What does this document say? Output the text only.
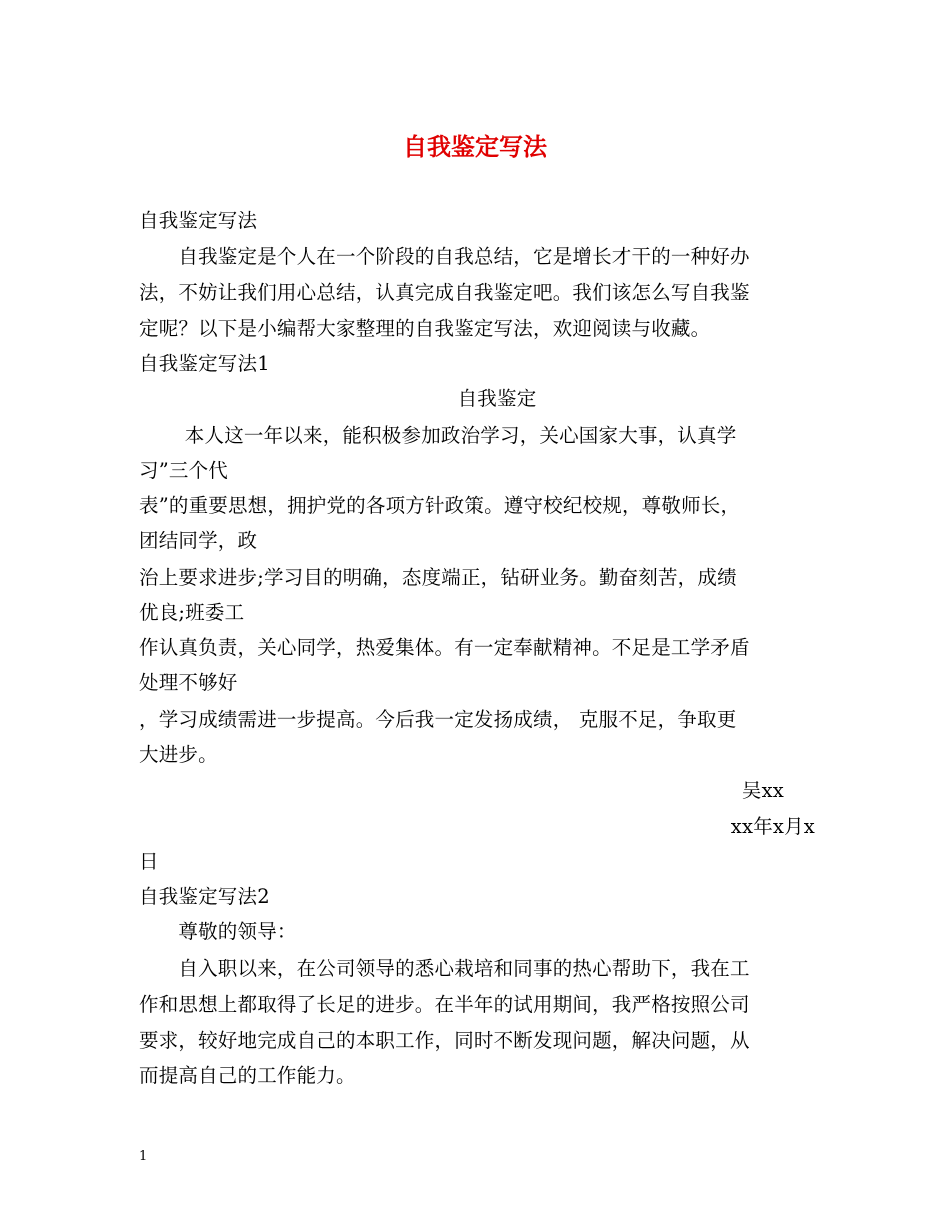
自我鉴定写法
自我鉴定写法
　　自我鉴定是个人在一个阶段的自我总结，它是增长才干的一种好办
法，不妨让我们用心总结，认真完成自我鉴定吧。我们该怎么写自我鉴
定呢？以下是小编帮大家整理的自我鉴定写法，欢迎阅读与收藏。
自我鉴定写法1
自我鉴定
　　 本人这一年以来，能积极参加政治学习，关心国家大事，认真学
习”三个代
表”的重要思想，拥护党的各项方针政策。遵守校纪校规，尊敬师长，
团结同学，政
治上要求进步;学习目的明确，态度端正，钻研业务。勤奋刻苦，成绩
优良;班委工
作认真负责，关心同学，热爱集体。有一定奉献精神。不足是工学矛盾
处理不够好
，学习成绩需进一步提高。今后我一定发扬成绩， 克服不足，争取更
大进步。
吴xx
xx年x月x
日
自我鉴定写法2
　　尊敬的领导：
　　自入职以来，在公司领导的悉心栽培和同事的热心帮助下，我在工
作和思想上都取得了长足的进步。在半年的试用期间，我严格按照公司
要求，较好地完成自己的本职工作，同时不断发现问题，解决问题，从
而提高自己的工作能力。
1
